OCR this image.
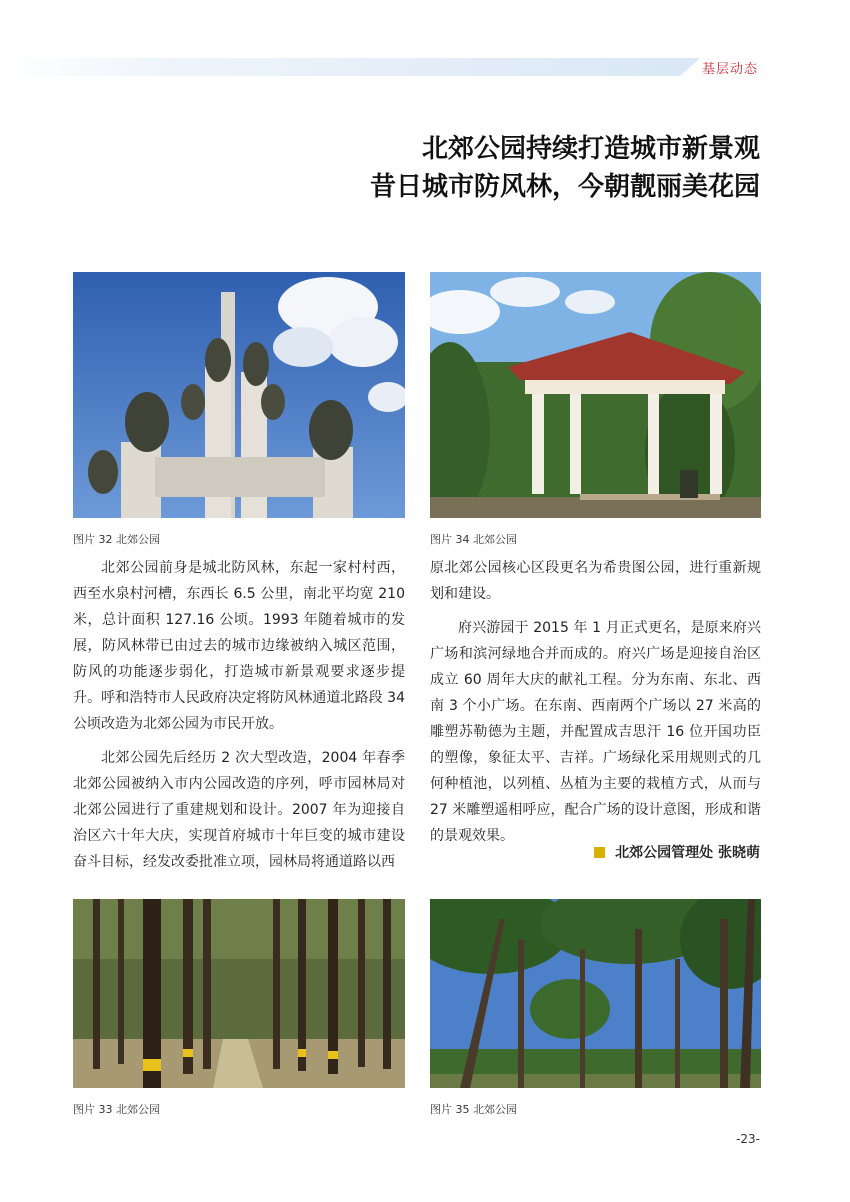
基层动态
北郊公园持续打造城市新景观
昔日城市防风林，今朝靓丽美花园
图片 32 北郊公园	图片 34 北郊公园

北郊公园前身是城北防风林，东起一家村村西，西至水泉村河槽，东西长 6.5 公里，南北平均宽 210 米，总计面积 127.16 公顷。1993 年随着城市的发展，防风林带已由过去的城市边缘被纳入城区范围，防风的功能逐步弱化，打造城市新景观要求逐步提升。呼和浩特市人民政府决定将防风林通道北路段 34 公顷改造为北郊公园为市民开放。

北郊公园先后经历 2 次大型改造，2004 年春季北郊公园被纳入市内公园改造的序列，呼市园林局对北郊公园进行了重建规划和设计。2007 年为迎接自治区六十年大庆，实现首府城市十年巨变的城市建设奋斗目标，经发改委批准立项，园林局将通道路以西

原北郊公园核心区段更名为希贵图公园，进行重新规划和建设。

府兴游园于 2015 年 1 月正式更名，是原来府兴广场和滨河绿地合并而成的。府兴广场是迎接自治区成立 60 周年大庆的献礼工程。分为东南、东北、西南 3 个小广场。在东南、西南两个广场以 27 米高的雕塑苏勒德为主题，并配置成吉思汗 16 位开国功臣的塑像，象征太平、吉祥。广场绿化采用规则式的几何种植池，以列植、丛植为主要的栽植方式，从而与 27 米雕塑遥相呼应，配合广场的设计意图，形成和谐的景观效果。

北郊公园管理处 张晓萌
图片 33 北郊公园	图片 35 北郊公园
-23-
